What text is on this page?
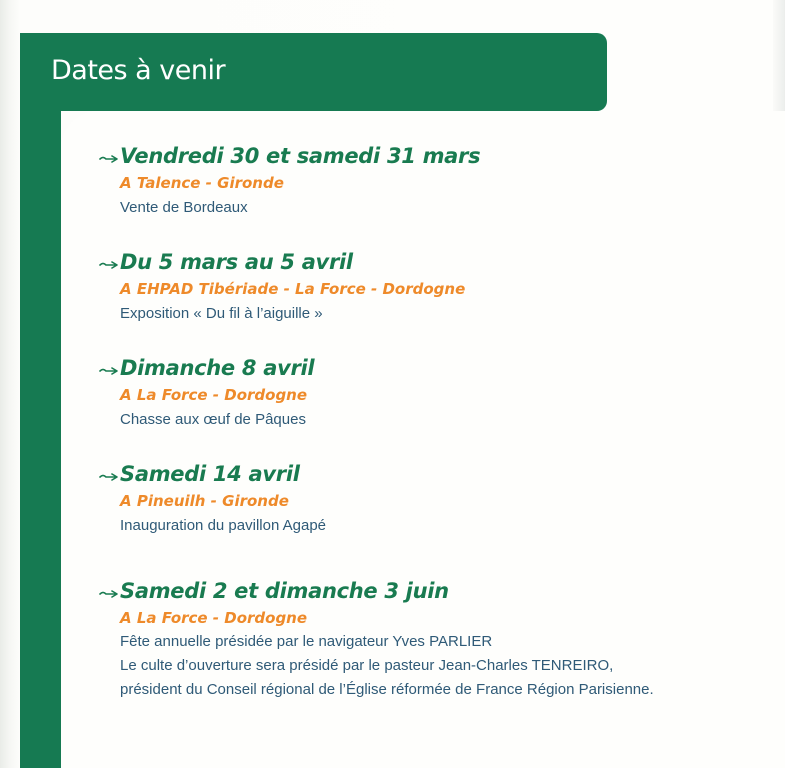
Dates à venir
Vendredi 30 et samedi 31 mars
A Talence - Gironde
Vente de Bordeaux
Du 5 mars au 5 avril
A EHPAD Tibériade - La Force - Dordogne
Exposition « Du fil à l’aiguille »
Dimanche 8 avril
A La Force - Dordogne
Chasse aux œuf de Pâques
Samedi 14 avril
A Pineuilh - Gironde
Inauguration du pavillon Agapé
Samedi 2 et dimanche 3 juin
A La Force - Dordogne
Fête annuelle présidée par le navigateur Yves PARLIER
Le culte d’ouverture sera présidé par le pasteur Jean-Charles TENREIRO,
président du Conseil régional de l’Église réformée de France Région Parisienne.
